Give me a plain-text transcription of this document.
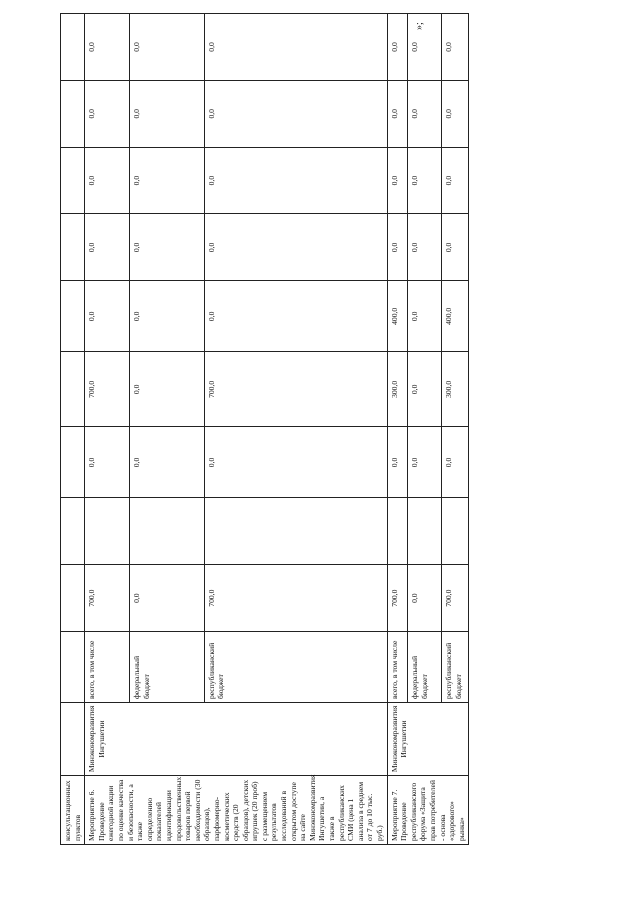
консультационных пунктов											
Мероприятие 6.
Проведение ежегодной акции по оценке качества и безопасности, а также определению показателей идентификации продовольственных товаров первой необходимости (30 образцов), парфюмерно-косметических средств (20 образцов), детских игрушек (20 проб) с размещением результатов исследований в открытом доступе на сайте Минэкономразвития Ингушетии, а также в республиканских СМИ (цена 1 анализа в среднем от 7 до 10 тыс. руб.)	Минэкономразвития Ингушетии	всего, в том числе	700,0		0,0	700,0	0,0	0,0	0,0	0,0	0,0
		федеральный бюджет	0,0		0,0	0,0	0,0	0,0	0,0	0,0	0,0
		республиканский бюджет	700,0		0,0	700,0	0,0	0,0	0,0	0,0	0,0
Мероприятие 7.
Проведение республиканского форума «Защита прав потребителей - основа «здорового» рынка»	Минэкономразвития Ингушетии	всего, в том числе	700,0		0,0	300,0	400,0	0,0	0,0	0,0	0,0
		федеральный бюджет	0,0		0,0	0,0	0,0	0,0	0,0	0,0	0,0
		республиканский бюджет	700,0		0,0	300,0	400,0	0,0	0,0	0,0	0,0
»;
